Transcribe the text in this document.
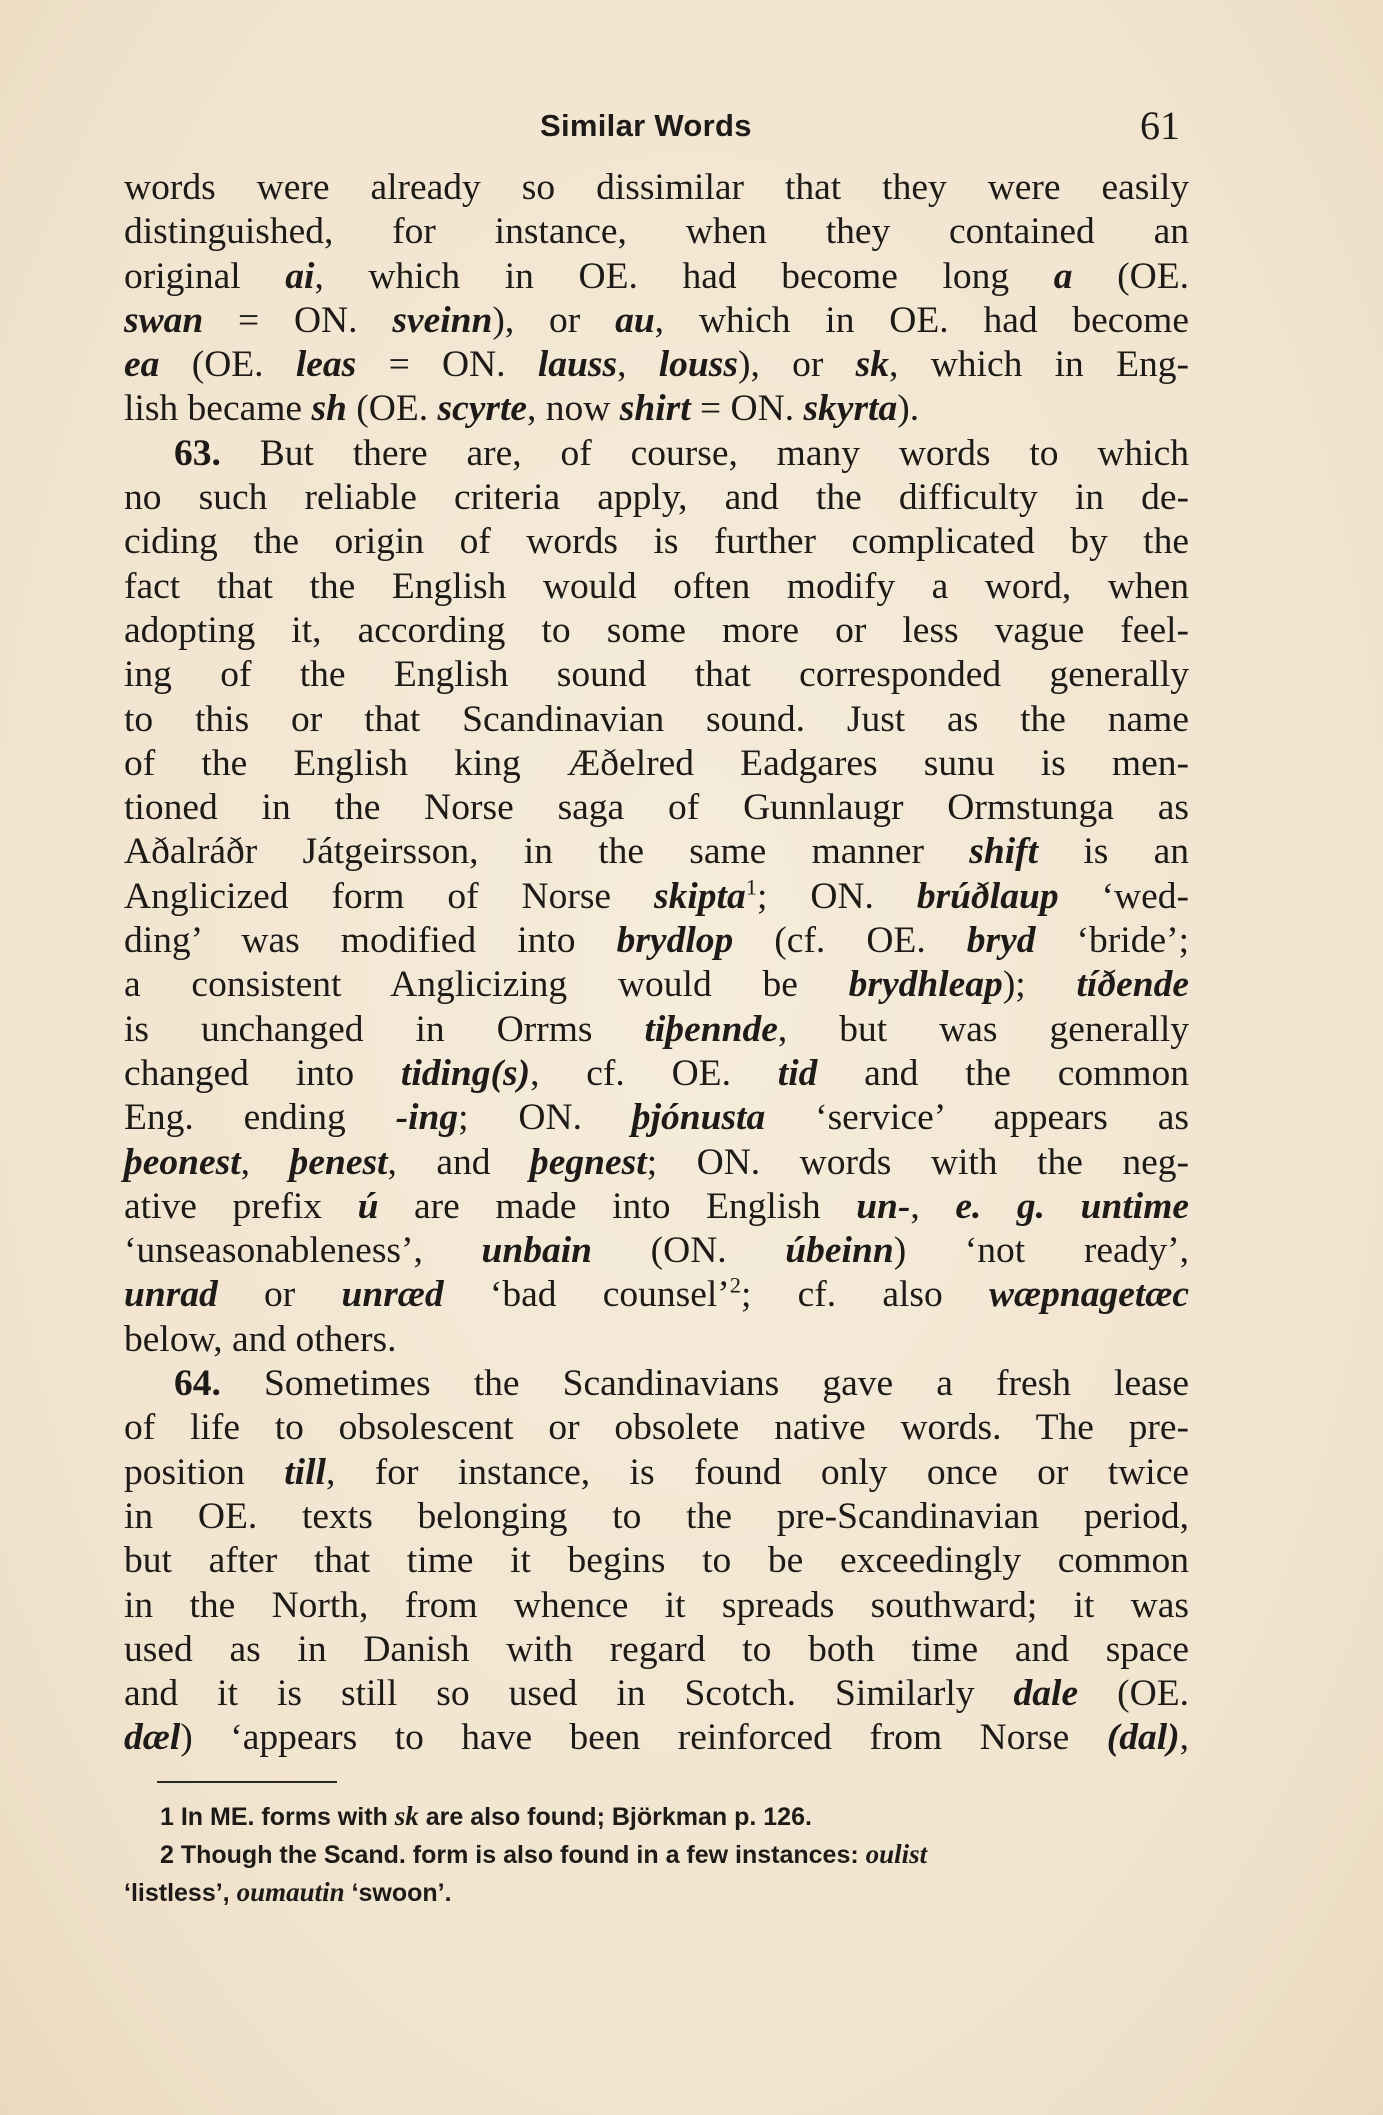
Similar Words	61
words were already so dissimilar that they were easily
distinguished, for instance, when they contained an
original ai, which in OE. had become long a (OE.
swan = ON. sveinn), or au, which in OE. had become
ea (OE. leas = ON. lauss, louss), or sk, which in Eng-
lish became sh (OE. scyrte, now shirt = ON. skyrta).
63. But there are, of course, many words to which
no such reliable criteria apply, and the difficulty in de-
ciding the origin of words is further complicated by the
fact that the English would often modify a word, when
adopting it, according to some more or less vague feel-
ing of the English sound that corresponded generally
to this or that Scandinavian sound. Just as the name
of the English king Æðelred Eadgares sunu is men-
tioned in the Norse saga of Gunnlaugr Ormstunga as
Aðalráðr Játgeirsson, in the same manner shift is an
Anglicized form of Norse skipta$^1$; ON. brúðlaup ‘wed-
ding’ was modified into brydlop (cf. OE. bryd ‘bride’;
a consistent Anglicizing would be brydhleap); tíðende
is unchanged in Orrms tiþennde, but was generally
changed into tiding(s), cf. OE. tid and the common
Eng. ending -ing; ON. þjónusta ‘service’ appears as
þeonest, þenest, and þegnest; ON. words with the neg-
ative prefix ú are made into English un-, e. g. untime
‘unseasonableness’, unbain (ON. úbeinn) ‘not ready’,
unrad or unræd ‘bad counsel’$^2$; cf. also wæpnagetæc
below, and others.
64. Sometimes the Scandinavians gave a fresh lease
of life to obsolescent or obsolete native words. The pre-
position till, for instance, is found only once or twice
in OE. texts belonging to the pre-Scandinavian period,
but after that time it begins to be exceedingly common
in the North, from whence it spreads southward; it was
used as in Danish with regard to both time and space
and it is still so used in Scotch. Similarly dale (OE.
dæl) ‘appears to have been reinforced from Norse (dal),
1 In ME. forms with sk are also found; Björkman p. 126.
2 Though the Scand. form is also found in a few instances: oulist
‘listless’, oumautin ‘swoon’.
